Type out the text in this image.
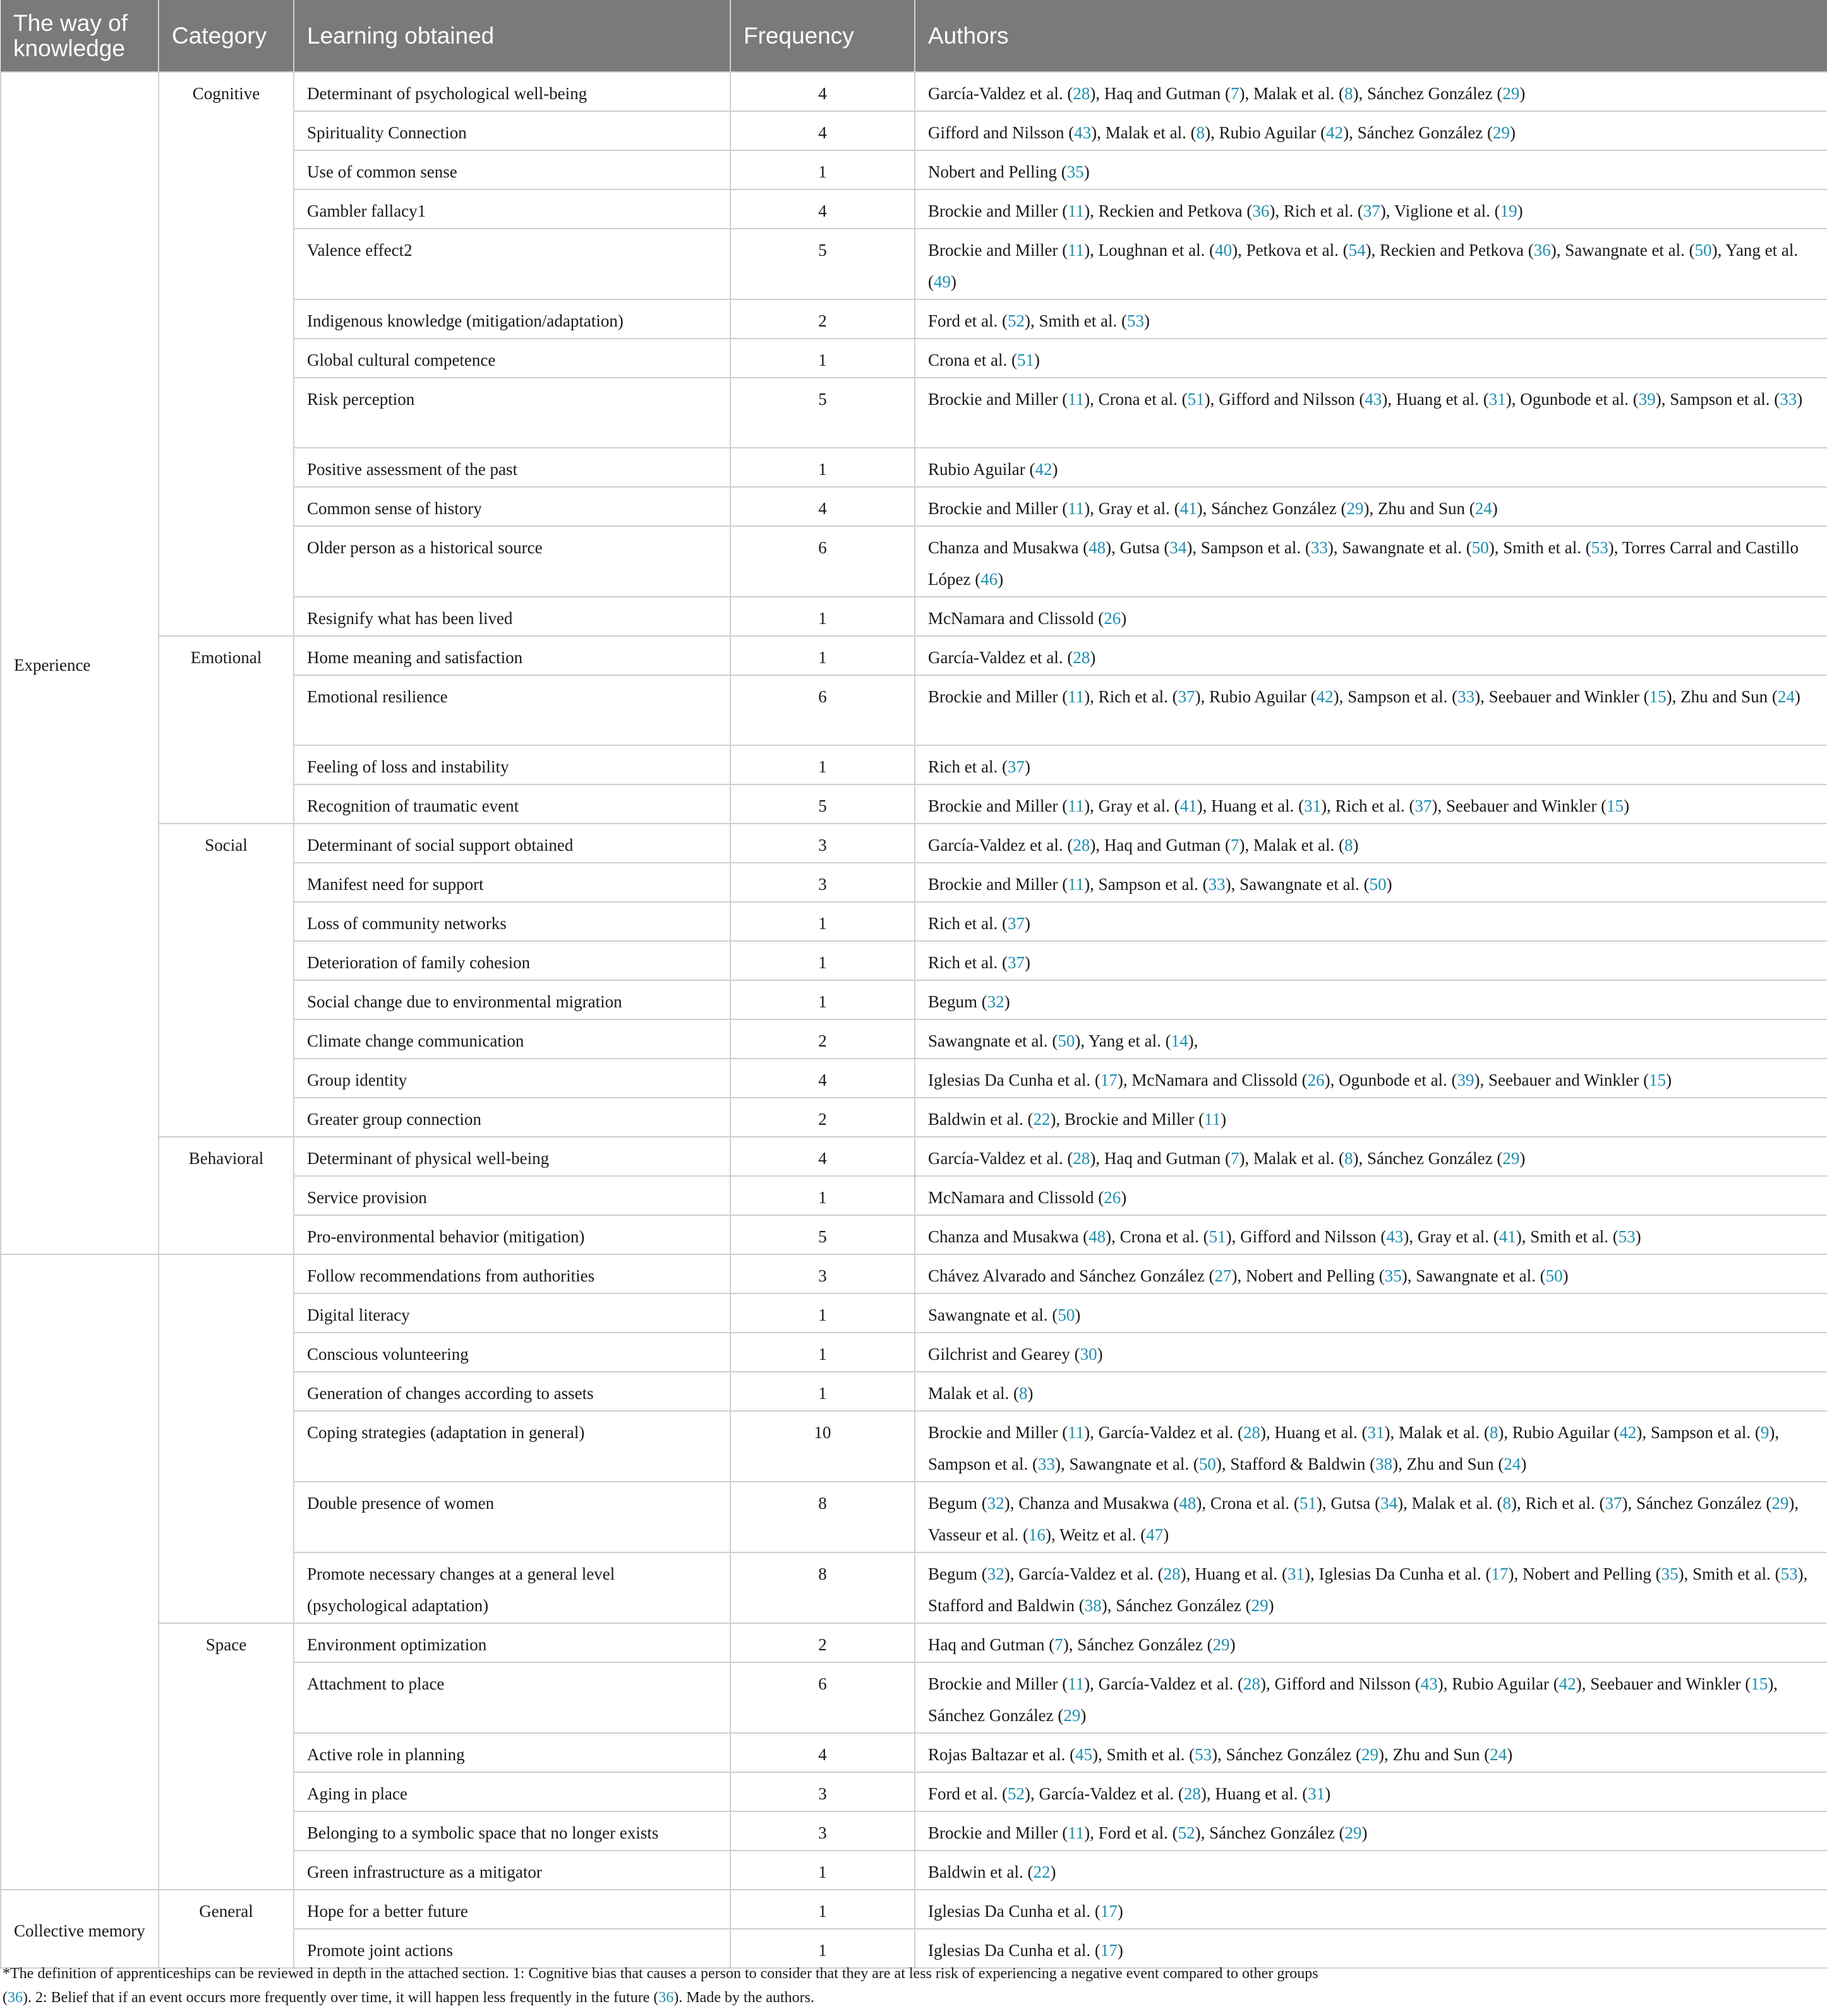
The way of knowledge	Category	Learning obtained	Frequency	Authors
Experience	Cognitive	Determinant of psychological well-being	4	García-Valdez et al. (28), Haq and Gutman (7), Malak et al. (8), Sánchez González (29)
		Spirituality Connection	4	Gifford and Nilsson (43), Malak et al. (8), Rubio Aguilar (42), Sánchez González (29)
		Use of common sense	1	Nobert and Pelling (35)
		Gambler fallacy1	4	Brockie and Miller (11), Reckien and Petkova (36), Rich et al. (37), Viglione et al. (19)
		Valence effect2	5	Brockie and Miller (11), Loughnan et al. (40), Petkova et al. (54), Reckien and Petkova (36), Sawangnate et al. (50), Yang et al. (49)
		Indigenous knowledge (mitigation/adaptation)	2	Ford et al. (52), Smith et al. (53)
		Global cultural competence	1	Crona et al. (51)
		Risk perception	5	Brockie and Miller (11), Crona et al. (51), Gifford and Nilsson (43), Huang et al. (31), Ogunbode et al. (39), Sampson et al. (33)
		Positive assessment of the past	1	Rubio Aguilar (42)
		Common sense of history	4	Brockie and Miller (11), Gray et al. (41), Sánchez González (29), Zhu and Sun (24)
		Older person as a historical source	6	Chanza and Musakwa (48), Gutsa (34), Sampson et al. (33), Sawangnate et al. (50), Smith et al. (53), Torres Carral and Castillo López (46)
		Resignify what has been lived	1	McNamara and Clissold (26)
	Emotional	Home meaning and satisfaction	1	García-Valdez et al. (28)
		Emotional resilience	6	Brockie and Miller (11), Rich et al. (37), Rubio Aguilar (42), Sampson et al. (33), Seebauer and Winkler (15), Zhu and Sun (24)
		Feeling of loss and instability	1	Rich et al. (37)
		Recognition of traumatic event	5	Brockie and Miller (11), Gray et al. (41), Huang et al. (31), Rich et al. (37), Seebauer and Winkler (15)
	Social	Determinant of social support obtained	3	García-Valdez et al. (28), Haq and Gutman (7), Malak et al. (8)
		Manifest need for support	3	Brockie and Miller (11), Sampson et al. (33), Sawangnate et al. (50)
		Loss of community networks	1	Rich et al. (37)
		Deterioration of family cohesion	1	Rich et al. (37)
		Social change due to environmental migration	1	Begum (32)
		Climate change communication	2	Sawangnate et al. (50), Yang et al. (14),
		Group identity	4	Iglesias Da Cunha et al. (17), McNamara and Clissold (26), Ogunbode et al. (39), Seebauer and Winkler (15)
		Greater group connection	2	Baldwin et al. (22), Brockie and Miller (11)
	Behavioral	Determinant of physical well-being	4	García-Valdez et al. (28), Haq and Gutman (7), Malak et al. (8), Sánchez González (29)
		Service provision	1	McNamara and Clissold (26)
		Pro-environmental behavior (mitigation)	5	Chanza and Musakwa (48), Crona et al. (51), Gifford and Nilsson (43), Gray et al. (41), Smith et al. (53)
		Follow recommendations from authorities	3	Chávez Alvarado and Sánchez González (27), Nobert and Pelling (35), Sawangnate et al. (50)
		Digital literacy	1	Sawangnate et al. (50)
		Conscious volunteering	1	Gilchrist and Gearey (30)
		Generation of changes according to assets	1	Malak et al. (8)
		Coping strategies (adaptation in general)	10	Brockie and Miller (11), García-Valdez et al. (28), Huang et al. (31), Malak et al. (8), Rubio Aguilar (42), Sampson et al. (9), Sampson et al. (33), Sawangnate et al. (50), Stafford & Baldwin (38), Zhu and Sun (24)
		Double presence of women	8	Begum (32), Chanza and Musakwa (48), Crona et al. (51), Gutsa (34), Malak et al. (8), Rich et al. (37), Sánchez González (29), Vasseur et al. (16), Weitz et al. (47)
		Promote necessary changes at a general level (psychological adaptation)	8	Begum (32), García-Valdez et al. (28), Huang et al. (31), Iglesias Da Cunha et al. (17), Nobert and Pelling (35), Smith et al. (53), Stafford and Baldwin (38), Sánchez González (29)
	Space	Environment optimization	2	Haq and Gutman (7), Sánchez González (29)
		Attachment to place	6	Brockie and Miller (11), García-Valdez et al. (28), Gifford and Nilsson (43), Rubio Aguilar (42), Seebauer and Winkler (15), Sánchez González (29)
		Active role in planning	4	Rojas Baltazar et al. (45), Smith et al. (53), Sánchez González (29), Zhu and Sun (24)
		Aging in place	3	Ford et al. (52), García-Valdez et al. (28), Huang et al. (31)
		Belonging to a symbolic space that no longer exists	3	Brockie and Miller (11), Ford et al. (52), Sánchez González (29)
		Green infrastructure as a mitigator	1	Baldwin et al. (22)
Collective memory	General	Hope for a better future	1	Iglesias Da Cunha et al. (17)
		Promote joint actions	1	Iglesias Da Cunha et al. (17)
*The definition of apprenticeships can be reviewed in depth in the attached section. 1: Cognitive bias that causes a person to consider that they are at less risk of experiencing a negative event compared to other groups (36). 2: Belief that if an event occurs more frequently over time, it will happen less frequently in the future (36). Made by the authors.
